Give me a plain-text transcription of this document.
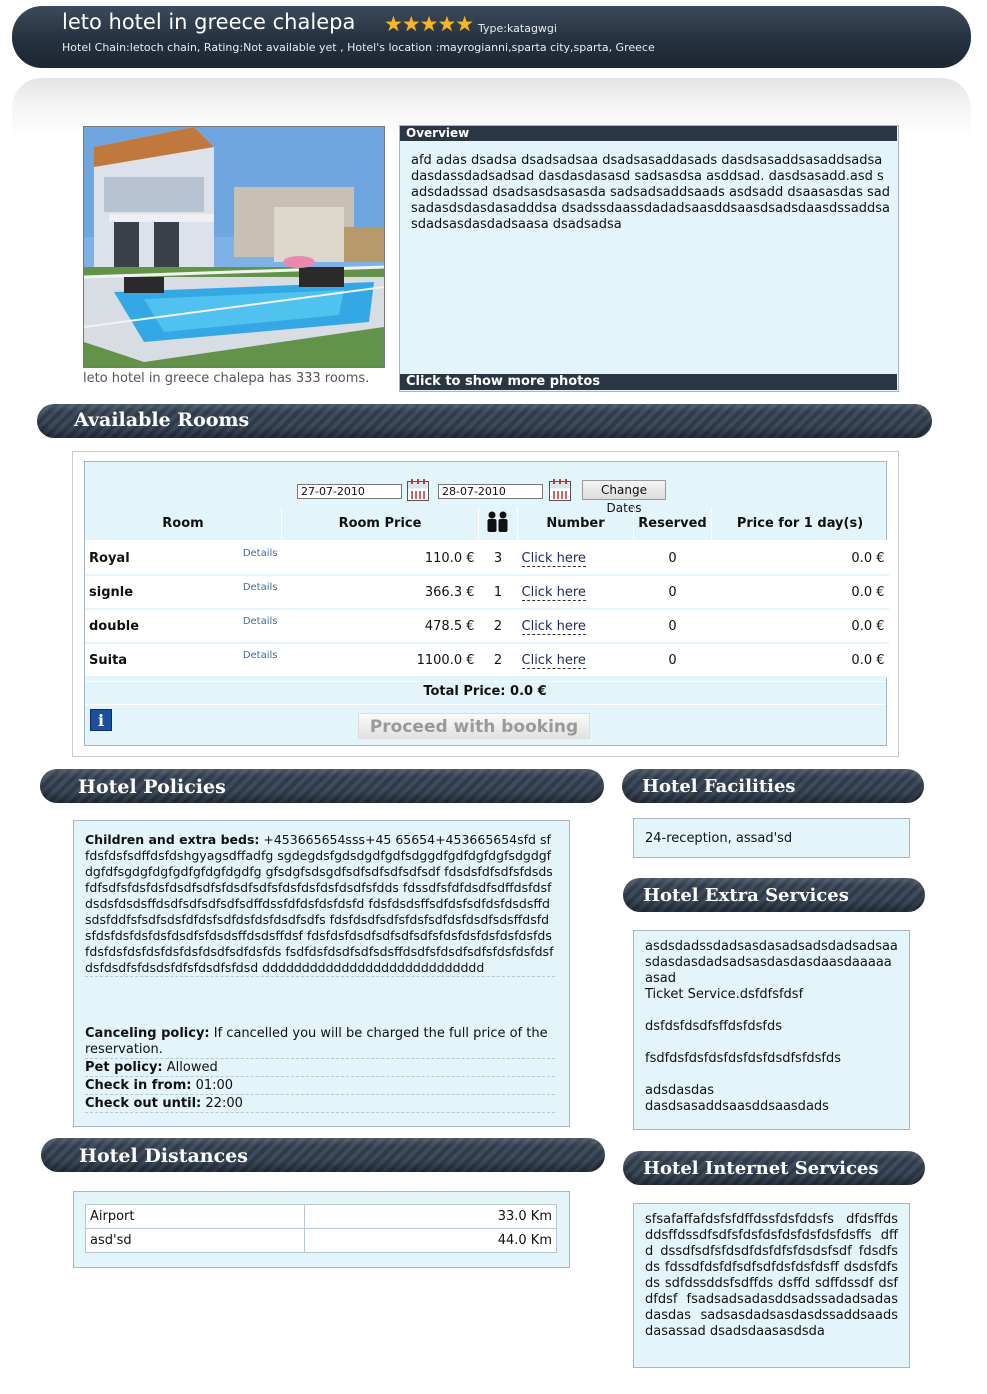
leto hotel in greece chalepa ★★★★★ Type:katagwgi
Hotel Chain:letoch chain, Rating:Not available yet , Hotel's location :mayrogianni,sparta city,sparta, Greece
leto hotel in greece chalepa has 333 rooms.
Overview
afd adas dsadsa dsadsadsaa dsadsasaddasads dasdsasaddsasaddsadsa dasdassdadsadsad dasdasdasasd sadsasdsa asddsad. dasdsasadd.asd sadsdadssad dsadsasdsasasda sadsadsaddsaads asdsadd dsaasasdas sadsadasdsdasdasadddsa dsadssdaassdadadsaasddsaasdsadsdaasdssaddsasdadsasdasdadsaasa dsadsadsa
Click to show more photos
Available Rooms
27-07-2010	28-07-2010	Change Dates
Room	Room Price		Number	Reserved	Price for 1 day(s)
Royal Details	110.0 €	3	Click here	0	0.0 €
signle Details	366.3 €	1	Click here	0	0.0 €
double Details	478.5 €	2	Click here	0	0.0 €
Suita Details	1100.0 €	2	Click here	0	0.0 €
Total Price: 0.0 €
i	Proceed with booking
Hotel Policies
Children and extra beds: +453665654sss+45 65654+453665654sfd sffdsfdsfsdffdsfdshgyagsdffadfg sgdegdsfgdsdgdfgdfsdggdfgdfdgfdgfsdgdgfdgfdfsgdgfdgfgdfgfdgfdgdfg gfsdgfsdsgdfsdfsdfsdfsdfsdf fdsdsfdfsdfsfdsdsfdfsdfsfdsfdsfdsdfsdfsfdsdfsdfsfdsfdsfdsfdsdfsfdds fdssdfsfdfdsdfsdffdsfdsfdsdsfdsdsffdsdfsdfsdfsdfsdffdssfdfdsfdsfdsfd fdsfdsdsffsdfdsfsdfdsfdsdsffdsdsfddfsfsdfsdsfdfdsfsdfdsfdsfdsdfsdfs fdsfdsdfsdfsfdsfsdfdsfdsdfsdsffdsfdsfdsfdsfdsfdsfdsdfsfdsdsffdsdsffdsf fdsfdsfdsdfsdfsdfsdfsfdsfdsfdsfdsfdsfdsfdsfdsfdsfdsfdsfdsfdsdfsdfdsfds fsdfdsfdsdfsdfsdsffdsdfsfdsdfsdfsfdsfdsfdsfdsfdsdfsfdsdsfdfsfdsdfsfdsd dddddddddddddddddddddddddddd
Canceling policy: If cancelled you will be charged the full price of the reservation.
Pet policy: Allowed
Check in from: 01:00
Check out until: 22:00
Hotel Distances
Airport	33.0 Km
asd'sd	44.0 Km
Hotel Facilities
24-reception, assad'sd
Hotel Extra Services
asdsdadssdadsasdasadsadsdadsadsaasdasdasdadsadsasdasdasdaasdaaaaaasad
Ticket Service.dsfdfsfdsf

dsfdsfdsdfsffdsfdsfds

fsdfdsfdsfdsfdsfdsfdsdfsfdsfds

adsdasdas
dasdsasaddsaasddsaasdads
Hotel Internet Services
sfsafaffafdsfsfdffdssfdsfddsfs dfdsffds ddsffdssdfsdfsfdsfdsfdsfdsfdsfdsffs dffd dssdfsdfsfdsdfdsfdfsfdsdsfsdf fdsdfsds fdssdfdsfdfsdfsdfdsfdsfdsff dsdsfdfsds sdfdssddsfsdffds dsffd sdffdssdf dsfdfdsf fsadsadsadasddsadssadadsadasdasdas sadsasdadsasdasdssaddsaadsdasassad dsadsdaasasdsda
